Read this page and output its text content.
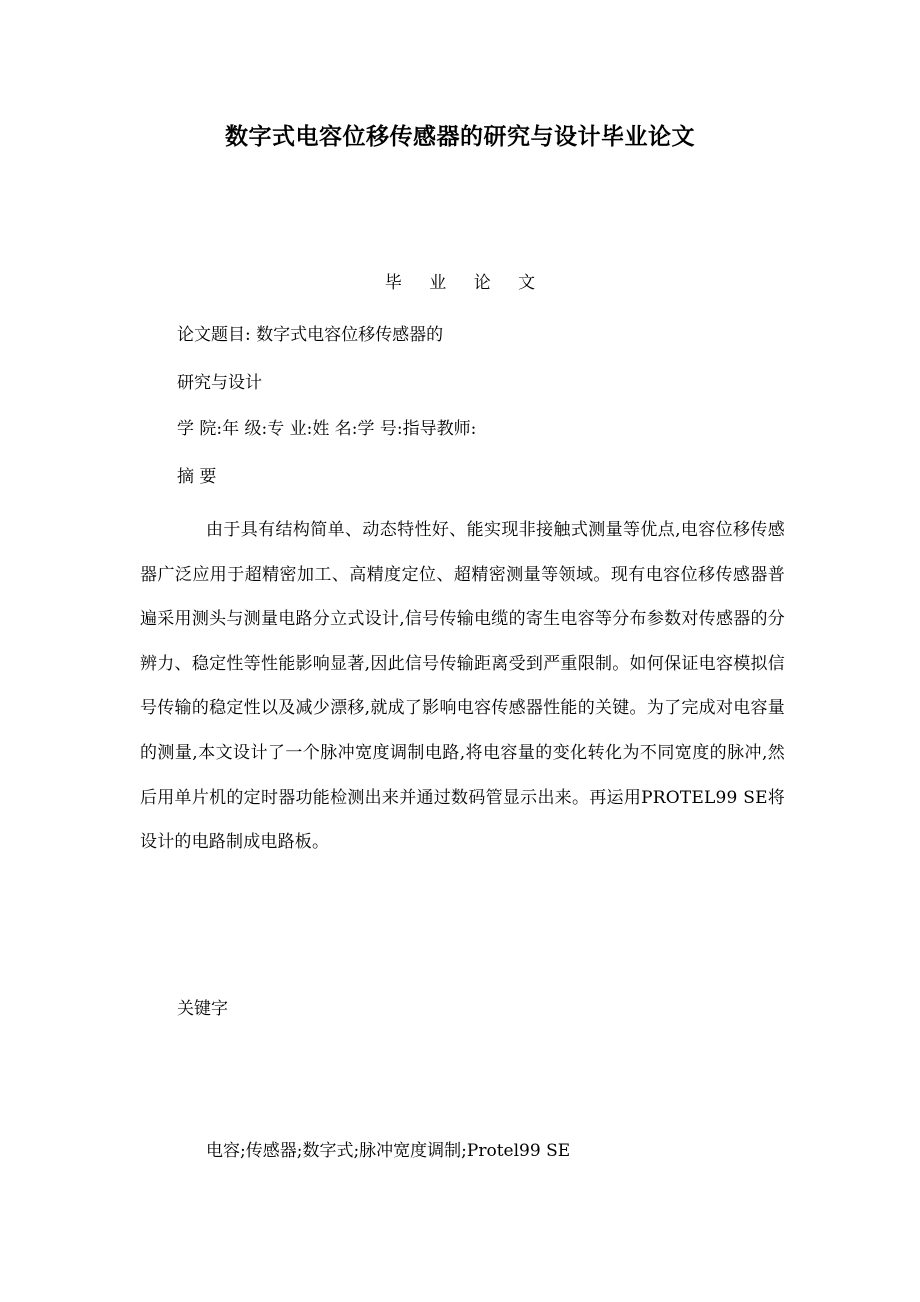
数字式电容位移传感器的研究与设计毕业论文
毕 业 论 文
论文题目: 数字式电容位移传感器的
研究与设计
学 院:年 级:专 业:姓 名:学 号:指导教师:
摘 要
由于具有结构简单、动态特性好、能实现非接触式测量等优点,电容位移传感器广泛应用于超精密加工、高精度定位、超精密测量等领域。现有电容位移传感器普遍采用测头与测量电路分立式设计,信号传输电缆的寄生电容等分布参数对传感器的分辨力、稳定性等性能影响显著,因此信号传输距离受到严重限制。如何保证电容模拟信号传输的稳定性以及减少漂移,就成了影响电容传感器性能的关键。为了完成对电容量的测量,本文设计了一个脉冲宽度调制电路,将电容量的变化转化为不同宽度的脉冲,然后用单片机的定时器功能检测出来并通过数码管显示出来。再运用PROTEL99 SE将设计的电路制成电路板。
关键字
电容;传感器;数字式;脉冲宽度调制;Protel99 SE
